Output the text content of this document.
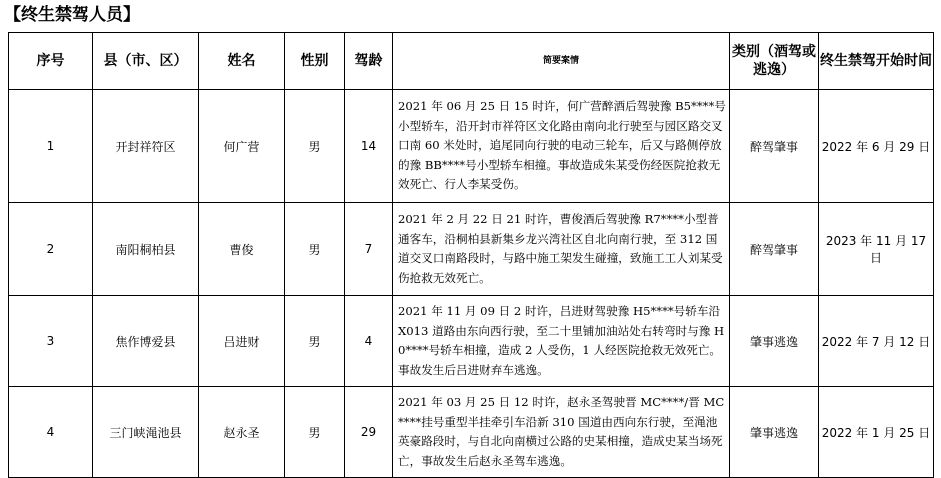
【终生禁驾人员】
序号	县（市、区）	姓名	性别	驾龄	简要案情	类别（酒驾或逃逸）	终生禁驾开始时间
1	开封祥符区	何广营	男	14	2021 年 06 月 25 日 15 时许，何广营醉酒后驾驶豫 B5****号小型轿车，沿开封市祥符区文化路由南向北行驶至与园区路交叉口南 60 米处时，追尾同向行驶的电动三轮车，后又与路侧停放的豫 BB****号小型轿车相撞。事故造成朱某受伤经医院抢救无效死亡、行人李某受伤。	醉驾肇事	2022 年 6 月 29 日
2	南阳桐柏县	曹俊	男	7	2021 年 2 月 22 日 21 时许，曹俊酒后驾驶豫 R7****小型普通客车，沿桐柏县新集乡龙兴湾社区自北向南行驶，至 312 国道交叉口南路段时，与路中施工架发生碰撞，致施工工人刘某受伤抢救无效死亡。	醉驾肇事	2023 年 11 月 17 日
3	焦作博爱县	吕进财	男	4	2021 年 11 月 09 日 2 时许，吕进财驾驶豫 H5****号轿车沿 X013 道路由东向西行驶，至二十里铺加油站处右转弯时与豫 H0****号轿车相撞，造成 2 人受伤，1 人经医院抢救无效死亡。事故发生后吕进财弃车逃逸。	肇事逃逸	2022 年 7 月 12 日
4	三门峡渑池县	赵永圣	男	29	2021 年 03 月 25 日 12 时许，赵永圣驾驶晋 MC****/晋 MC****挂号重型半挂牵引车沿新 310 国道由西向东行驶，至渑池英豪路段时，与自北向南横过公路的史某相撞，造成史某当场死亡，事故发生后赵永圣驾车逃逸。	肇事逃逸	2022 年 1 月 25 日
